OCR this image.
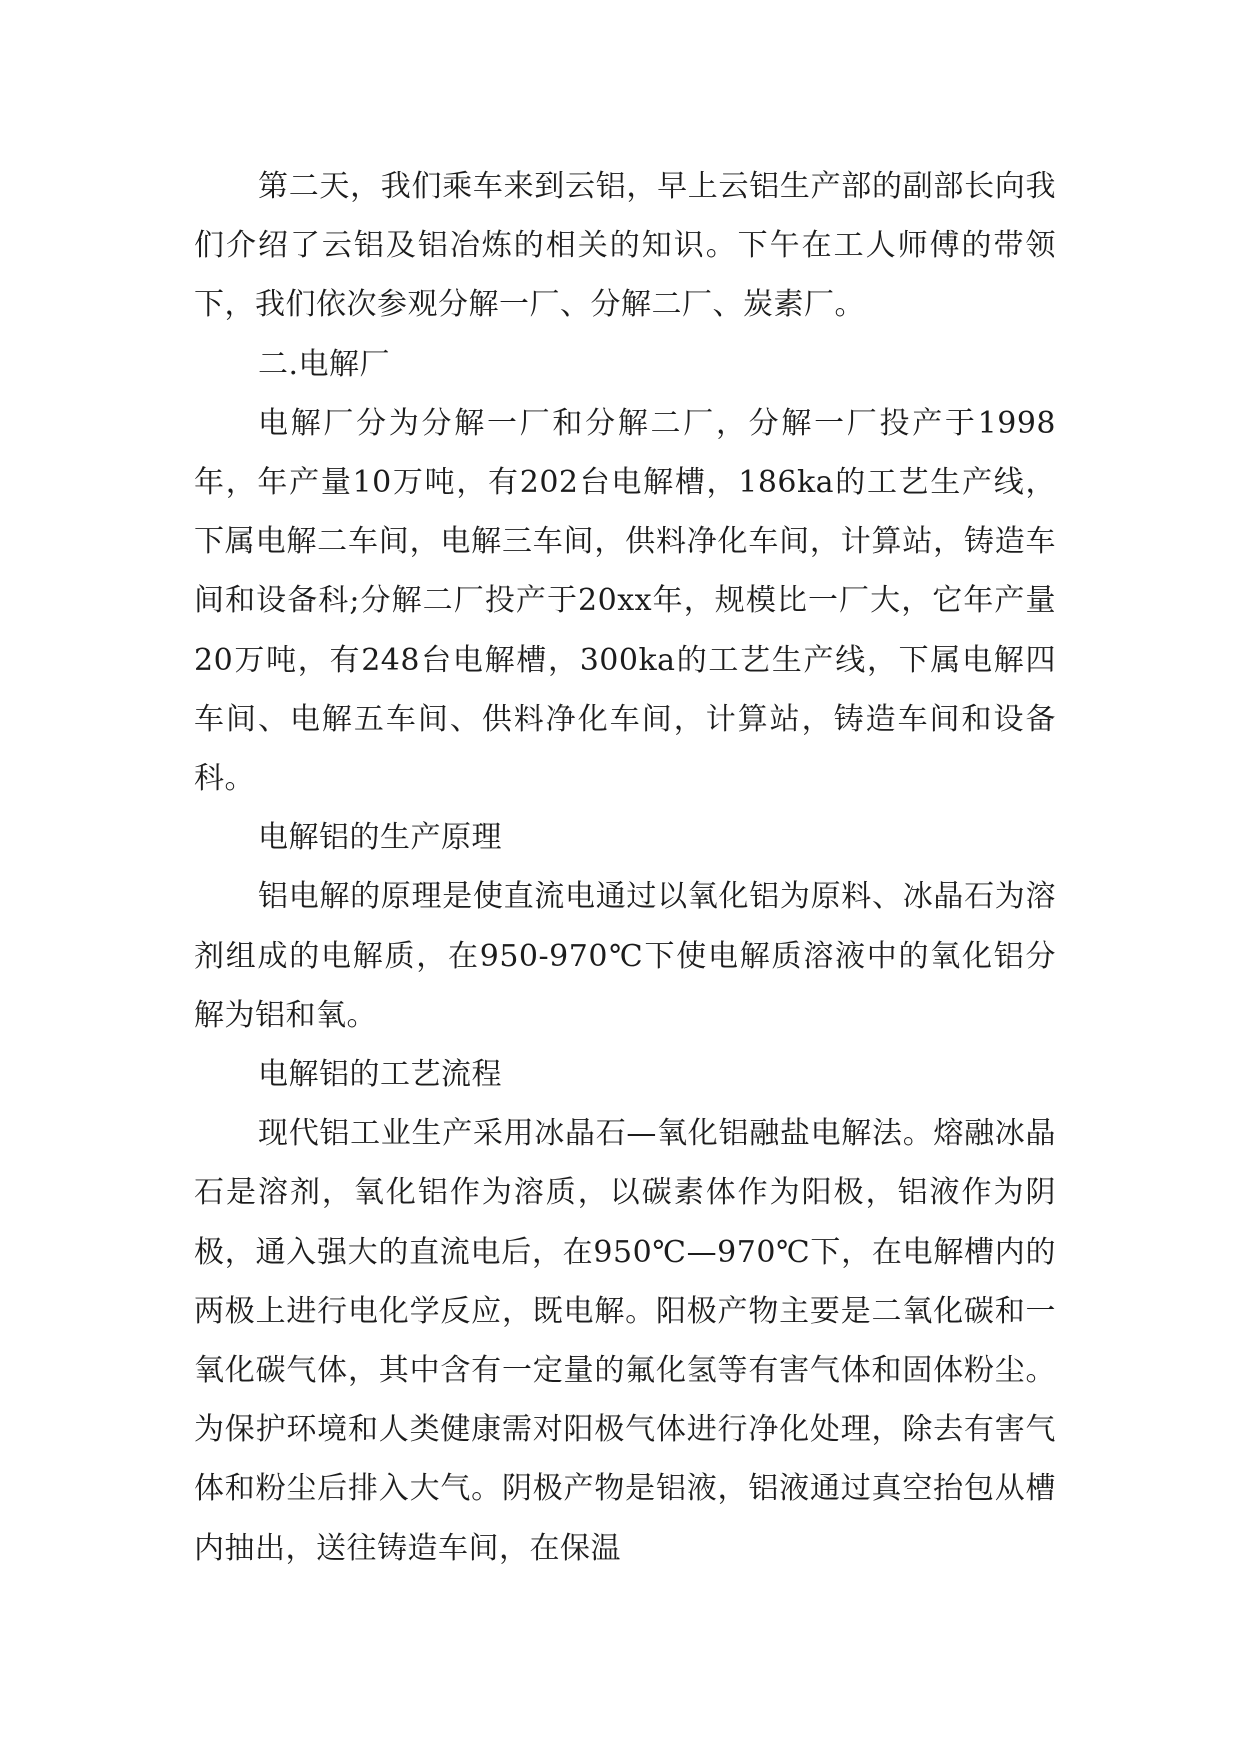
第二天，我们乘车来到云铝，早上云铝生产部的副部长向我们介绍了云铝及铝冶炼的相关的知识。下午在工人师傅的带领下，我们依次参观分解一厂、分解二厂、炭素厂。

二.电解厂

电解厂分为分解一厂和分解二厂，分解一厂投产于1998年，年产量10万吨，有202台电解槽，186ka的工艺生产线，下属电解二车间，电解三车间，供料净化车间，计算站，铸造车间和设备科;分解二厂投产于20xx年，规模比一厂大，它年产量20万吨，有248台电解槽，300ka的工艺生产线，下属电解四车间、电解五车间、供料净化车间，计算站，铸造车间和设备科。

电解铝的生产原理

铝电解的原理是使直流电通过以氧化铝为原料、冰晶石为溶剂组成的电解质，在950-970℃下使电解质溶液中的氧化铝分解为铝和氧。

电解铝的工艺流程

现代铝工业生产采用冰晶石—氧化铝融盐电解法。熔融冰晶石是溶剂，氧化铝作为溶质，以碳素体作为阳极，铝液作为阴极，通入强大的直流电后，在950℃—970℃下，在电解槽内的两极上进行电化学反应，既电解。阳极产物主要是二氧化碳和一氧化碳气体，其中含有一定量的氟化氢等有害气体和固体粉尘。为保护环境和人类健康需对阳极气体进行净化处理，除去有害气体和粉尘后排入大气。阴极产物是铝液，铝液通过真空抬包从槽内抽出，送往铸造车间，在保温
